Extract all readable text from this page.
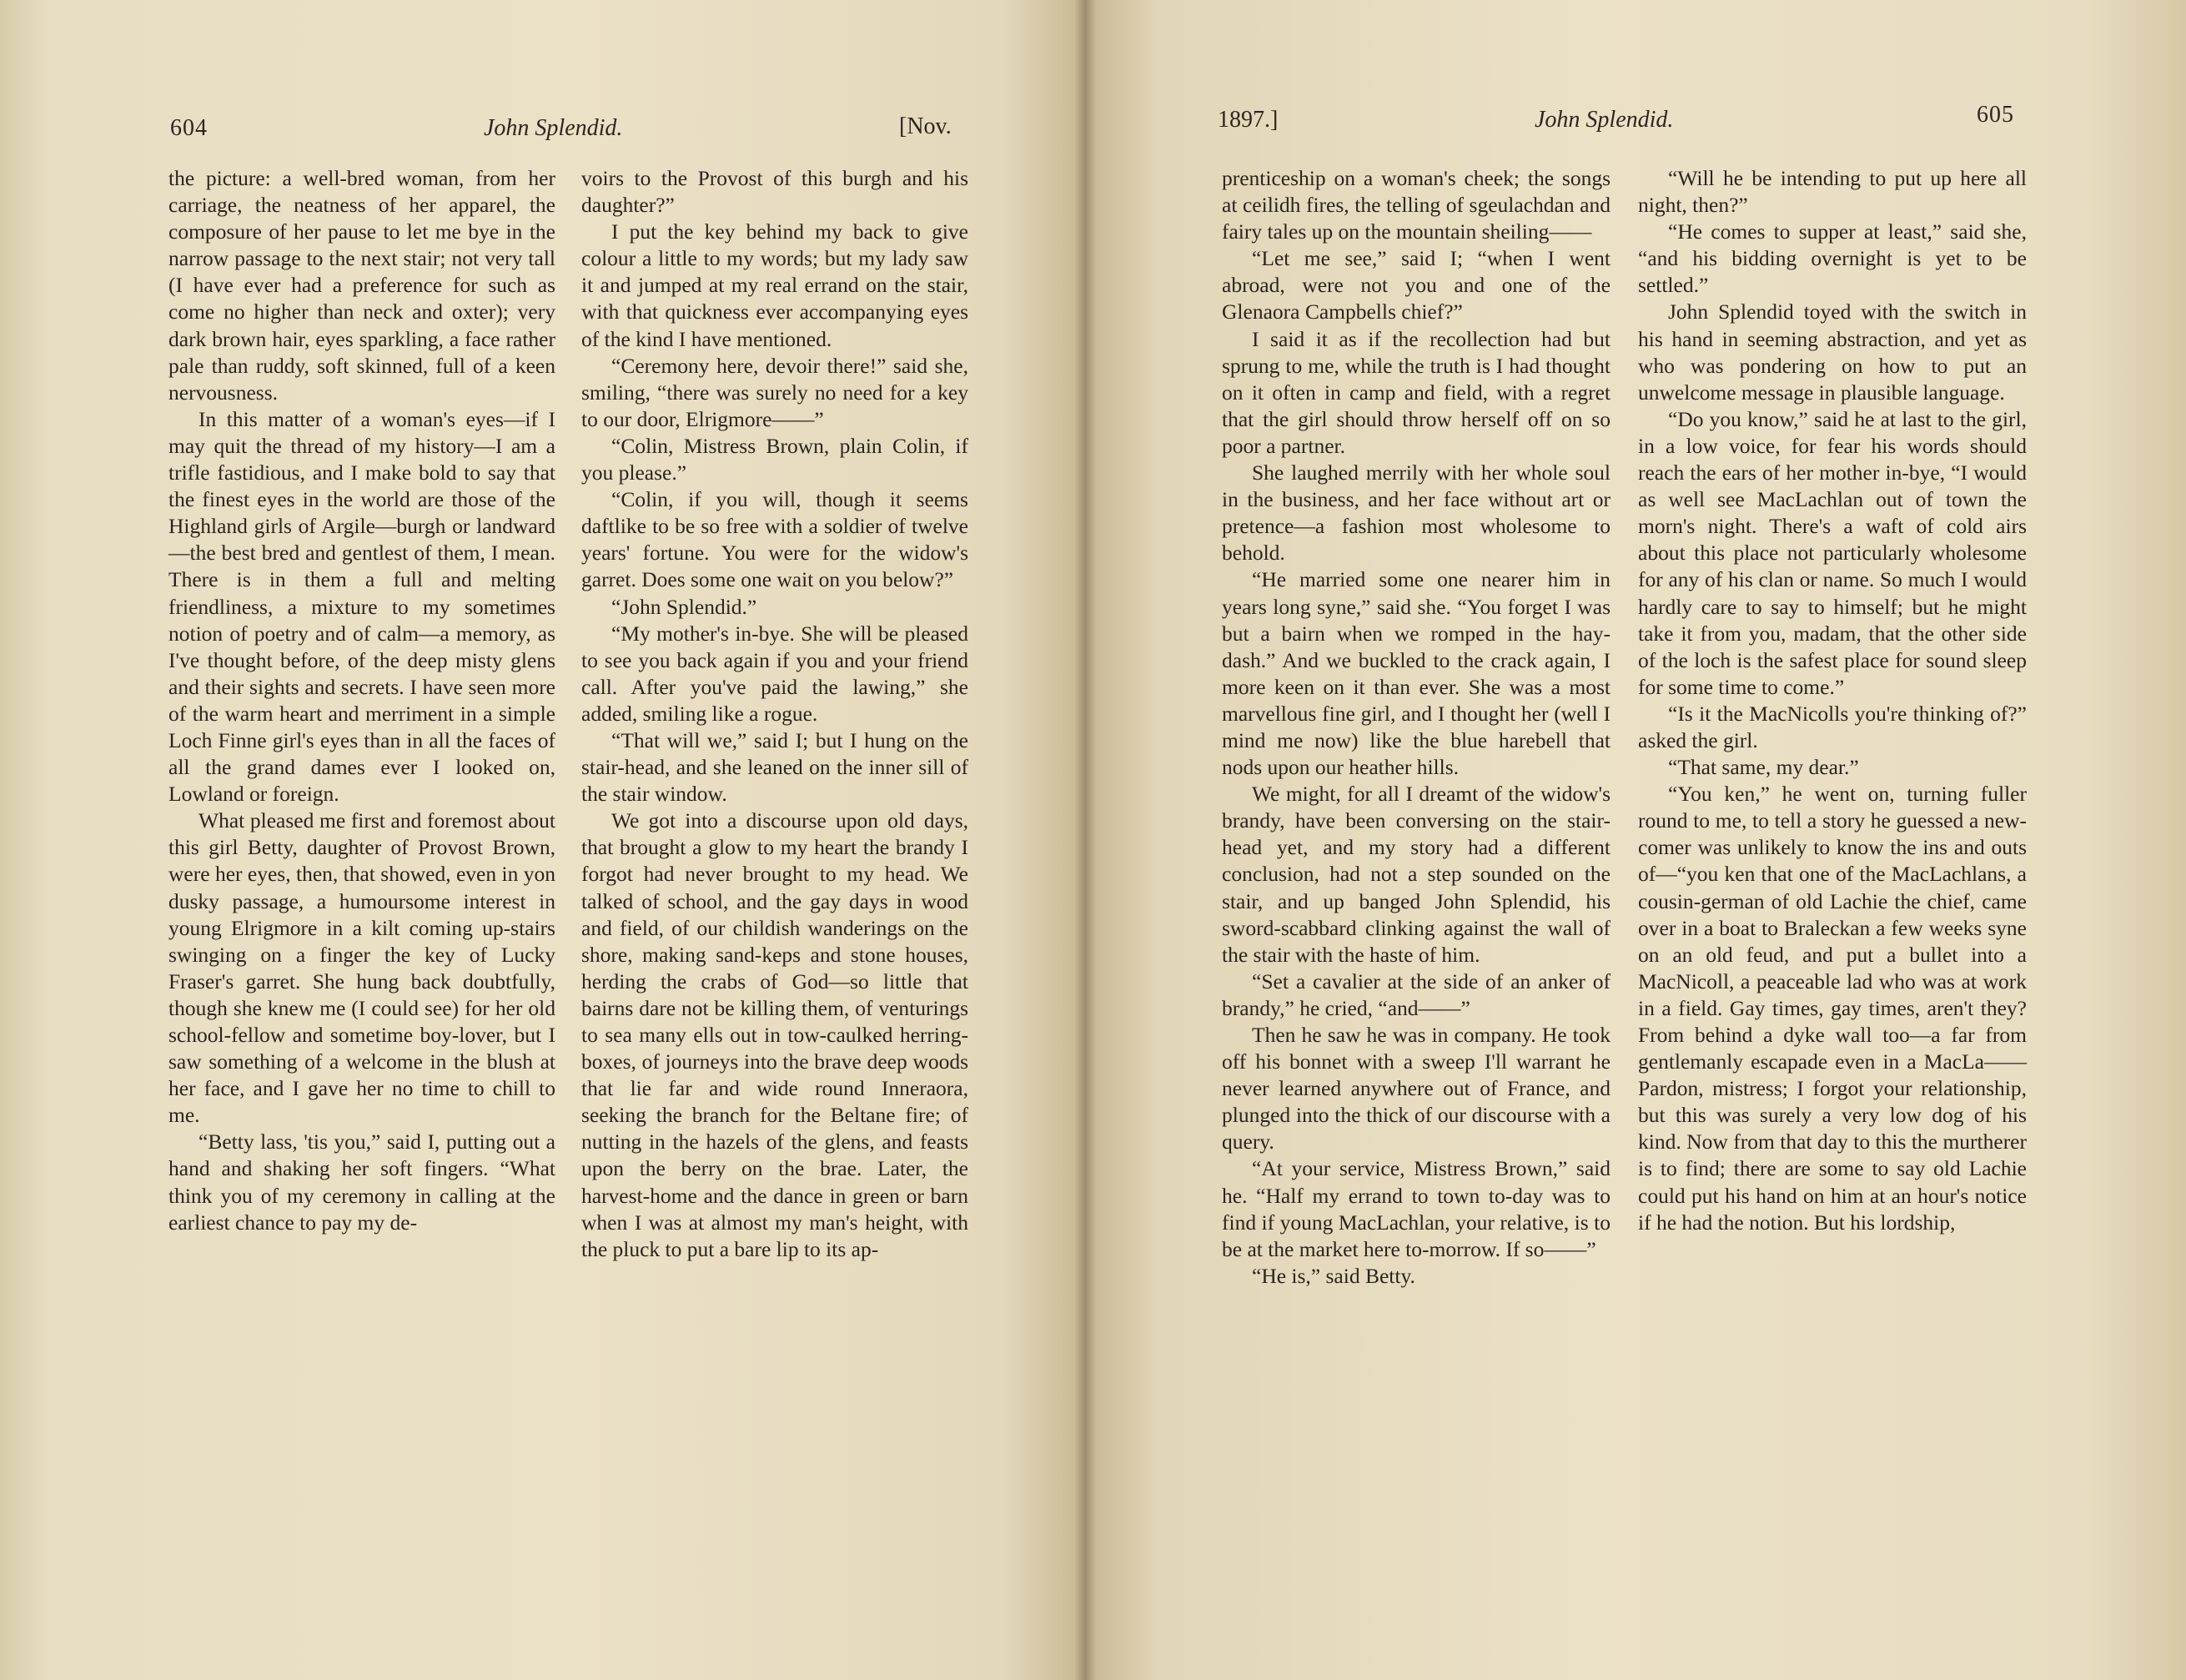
604	John Splendid.	[Nov.

the picture: a well-bred woman, from her carriage, the neatness of her apparel, the composure of her pause to let me bye in the narrow passage to the next stair; not very tall (I have ever had a preference for such as come no higher than neck and oxter); very dark brown hair, eyes sparkling, a face rather pale than ruddy, soft skinned, full of a keen nervousness.

In this matter of a woman's eyes—if I may quit the thread of my history—I am a trifle fastidious, and I make bold to say that the finest eyes in the world are those of the Highland girls of Argile—burgh or landward—the best bred and gentlest of them, I mean. There is in them a full and melting friendliness, a mixture to my sometimes notion of poetry and of calm—a memory, as I've thought before, of the deep misty glens and their sights and secrets. I have seen more of the warm heart and merriment in a simple Loch Finne girl's eyes than in all the faces of all the grand dames ever I looked on, Lowland or foreign.

What pleased me first and foremost about this girl Betty, daughter of Provost Brown, were her eyes, then, that showed, even in yon dusky passage, a humoursome interest in young Elrigmore in a kilt coming up-stairs swinging on a finger the key of Lucky Fraser's garret. She hung back doubtfully, though she knew me (I could see) for her old school-fellow and sometime boy-lover, but I saw something of a welcome in the blush at her face, and I gave her no time to chill to me.

“Betty lass, 'tis you,” said I, putting out a hand and shaking her soft fingers. “What think you of my ceremony in calling at the earliest chance to pay my de-

voirs to the Provost of this burgh and his daughter?”

I put the key behind my back to give colour a little to my words; but my lady saw it and jumped at my real errand on the stair, with that quickness ever accompanying eyes of the kind I have mentioned.

“Ceremony here, devoir there!” said she, smiling, “there was surely no need for a key to our door, Elrigmore——”

“Colin, Mistress Brown, plain Colin, if you please.”

“Colin, if you will, though it seems daftlike to be so free with a soldier of twelve years' fortune. You were for the widow's garret. Does some one wait on you below?”

“John Splendid.”

“My mother's in-bye. She will be pleased to see you back again if you and your friend call. After you've paid the lawing,” she added, smiling like a rogue.

“That will we,” said I; but I hung on the stair-head, and she leaned on the inner sill of the stair window.

We got into a discourse upon old days, that brought a glow to my heart the brandy I forgot had never brought to my head. We talked of school, and the gay days in wood and field, of our childish wanderings on the shore, making sand-keps and stone houses, herding the crabs of God—so little that bairns dare not be killing them, of venturings to sea many ells out in tow-caulked herring-boxes, of journeys into the brave deep woods that lie far and wide round Inneraora, seeking the branch for the Beltane fire; of nutting in the hazels of the glens, and feasts upon the berry on the brae. Later, the harvest-home and the dance in green or barn when I was at almost my man's height, with the pluck to put a bare lip to its ap-

1897.]	John Splendid.	605

prenticeship on a woman's cheek; the songs at ceilidh fires, the telling of sgeulachdan and fairy tales up on the mountain sheiling——

“Let me see,” said I; “when I went abroad, were not you and one of the Glenaora Campbells chief?”

I said it as if the recollection had but sprung to me, while the truth is I had thought on it often in camp and field, with a regret that the girl should throw herself off on so poor a partner.

She laughed merrily with her whole soul in the business, and her face without art or pretence—a fashion most wholesome to behold.

“He married some one nearer him in years long syne,” said she. “You forget I was but a bairn when we romped in the hay-dash.” And we buckled to the crack again, I more keen on it than ever. She was a most marvellous fine girl, and I thought her (well I mind me now) like the blue harebell that nods upon our heather hills.

We might, for all I dreamt of the widow's brandy, have been conversing on the stair-head yet, and my story had a different conclusion, had not a step sounded on the stair, and up banged John Splendid, his sword-scabbard clinking against the wall of the stair with the haste of him.

“Set a cavalier at the side of an anker of brandy,” he cried, “and——”

Then he saw he was in company. He took off his bonnet with a sweep I'll warrant he never learned anywhere out of France, and plunged into the thick of our discourse with a query.

“At your service, Mistress Brown,” said he. “Half my errand to town to-day was to find if young MacLachlan, your relative, is to be at the market here to-morrow. If so——”

“He is,” said Betty.

“Will he be intending to put up here all night, then?”

“He comes to supper at least,” said she, “and his bidding overnight is yet to be settled.”

John Splendid toyed with the switch in his hand in seeming abstraction, and yet as who was pondering on how to put an unwelcome message in plausible language.

“Do you know,” said he at last to the girl, in a low voice, for fear his words should reach the ears of her mother in-bye, “I would as well see MacLachlan out of town the morn's night. There's a waft of cold airs about this place not particularly wholesome for any of his clan or name. So much I would hardly care to say to himself; but he might take it from you, madam, that the other side of the loch is the safest place for sound sleep for some time to come.”

“Is it the MacNicolls you're thinking of?” asked the girl.

“That same, my dear.”

“You ken,” he went on, turning fuller round to me, to tell a story he guessed a new-comer was unlikely to know the ins and outs of—“you ken that one of the MacLachlans, a cousin-german of old Lachie the chief, came over in a boat to Braleckan a few weeks syne on an old feud, and put a bullet into a MacNicoll, a peaceable lad who was at work in a field. Gay times, gay times, aren't they? From behind a dyke wall too—a far from gentlemanly escapade even in a MacLa—— Pardon, mistress; I forgot your relationship, but this was surely a very low dog of his kind. Now from that day to this the murtherer is to find; there are some to say old Lachie could put his hand on him at an hour's notice if he had the notion. But his lordship,
